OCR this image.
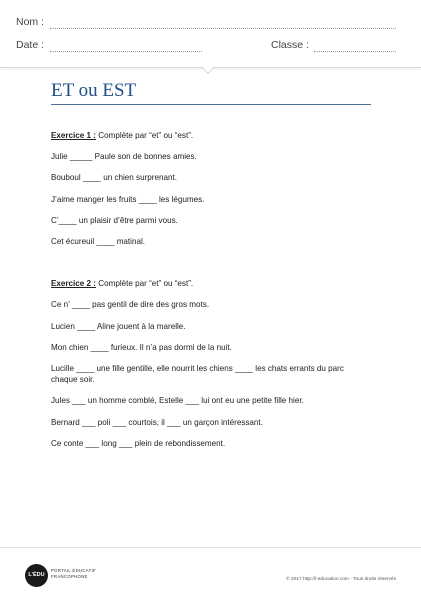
Nom :
Date :	Classe :
ET ou EST
Exercice 1 : Complète par “et” ou “est”.
Julie _____ Paule son de bonnes amies.
Bouboul ____ un chien surprenant.
J’aime manger les fruits ____ les légumes.
C’____ un plaisir d’être parmi vous.
Cet écureuil ____ matinal.
Exercice 2 : Complète par “et” ou “est”.
Ce n’ ____ pas gentil de dire des gros mots.
Lucien ____ Aline jouent à la marelle.
Mon chien ____ furieux. Il n’a pas dormi de la nuit.
Lucille ____ une fille gentille, elle nourrit les chiens ____ les chats errants du parc chaque soir.
Jules ___ un homme comblé, Estelle ___ lui ont eu une petite fille hier.
Bernard ___ poli ___ courtois, il ___ un garçon intéressant.
Ce conte ___ long ___ plein de rebondissement.
L’ÉDU
PORTAIL ÉDUCATIF
FRANCOPHONE
© 2017 http://l-education.com - Tous droits réservés
